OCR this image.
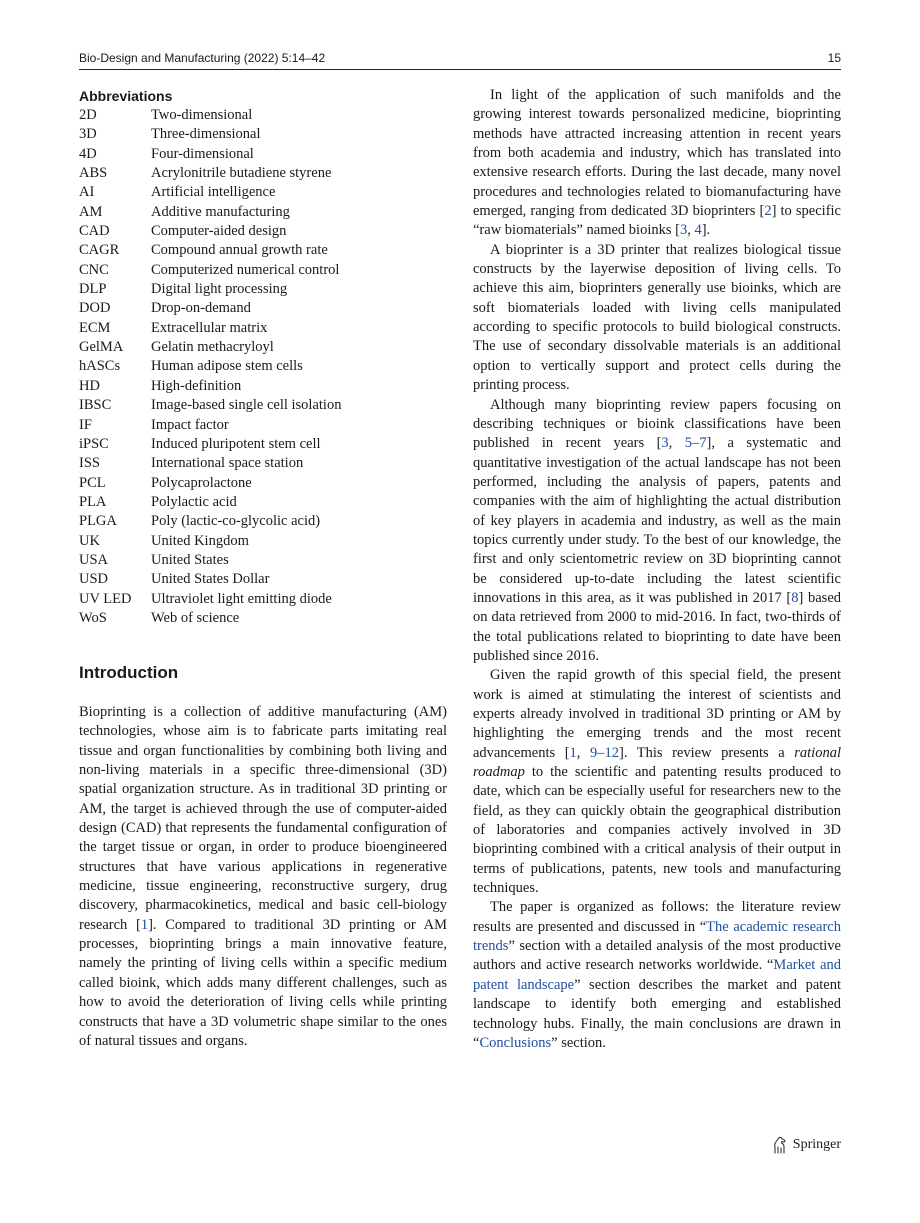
Bio-Design and Manufacturing (2022) 5:14–42	15
Abbreviations
2D	Two-dimensional
3D	Three-dimensional
4D	Four-dimensional
ABS	Acrylonitrile butadiene styrene
AI	Artificial intelligence
AM	Additive manufacturing
CAD	Computer-aided design
CAGR	Compound annual growth rate
CNC	Computerized numerical control
DLP	Digital light processing
DOD	Drop-on-demand
ECM	Extracellular matrix
GelMA	Gelatin methacryloyl
hASCs	Human adipose stem cells
HD	High-definition
IBSC	Image-based single cell isolation
IF	Impact factor
iPSC	Induced pluripotent stem cell
ISS	International space station
PCL	Polycaprolactone
PLA	Polylactic acid
PLGA	Poly (lactic-co-glycolic acid)
UK	United Kingdom
USA	United States
USD	United States Dollar
UV LED	Ultraviolet light emitting diode
WoS	Web of science
Introduction

Bioprinting is a collection of additive manufacturing (AM) technologies, whose aim is to fabricate parts imitating real tissue and organ functionalities by combining both living and non-living materials in a specific three-dimensional (3D) spatial organization structure. As in traditional 3D printing or AM, the target is achieved through the use of computer-aided design (CAD) that represents the fundamental configuration of the target tissue or organ, in order to produce bioengineered structures that have various applications in regenerative medicine, tissue engineering, reconstructive surgery, drug discovery, pharmacokinetics, medical and basic cell-biology research [1]. Compared to traditional 3D printing or AM processes, bioprinting brings a main innovative feature, namely the printing of living cells within a specific medium called bioink, which adds many different challenges, such as how to avoid the deterioration of living cells while printing constructs that have a 3D volumetric shape similar to the ones of natural tissues and organs.

In light of the application of such manifolds and the growing interest towards personalized medicine, bioprinting methods have attracted increasing attention in recent years from both academia and industry, which has translated into extensive research efforts. During the last decade, many novel procedures and technologies related to biomanufacturing have emerged, ranging from dedicated 3D bioprinters [2] to specific “raw biomaterials” named bioinks [3, 4].

A bioprinter is a 3D printer that realizes biological tissue constructs by the layerwise deposition of living cells. To achieve this aim, bioprinters generally use bioinks, which are soft biomaterials loaded with living cells manipulated according to specific protocols to build biological constructs. The use of secondary dissolvable materials is an additional option to vertically support and protect cells during the printing process.

Although many bioprinting review papers focusing on describing techniques or bioink classifications have been published in recent years [3, 5–7], a systematic and quantitative investigation of the actual landscape has not been performed, including the analysis of papers, patents and companies with the aim of highlighting the actual distribution of key players in academia and industry, as well as the main topics currently under study. To the best of our knowledge, the first and only scientometric review on 3D bioprinting cannot be considered up-to-date including the latest scientific innovations in this area, as it was published in 2017 [8] based on data retrieved from 2000 to mid-2016. In fact, two-thirds of the total publications related to bioprinting to date have been published since 2016.

Given the rapid growth of this special field, the present work is aimed at stimulating the interest of scientists and experts already involved in traditional 3D printing or AM by highlighting the emerging trends and the most recent advancements [1, 9–12]. This review presents a rational roadmap to the scientific and patenting results produced to date, which can be especially useful for researchers new to the field, as they can quickly obtain the geographical distribution of laboratories and companies actively involved in 3D bioprinting combined with a critical analysis of their output in terms of publications, patents, new tools and manufacturing techniques.

The paper is organized as follows: the literature review results are presented and discussed in “The academic research trends” section with a detailed analysis of the most productive authors and active research networks worldwide. “Market and patent landscape” section describes the market and patent landscape to identify both emerging and established technology hubs. Finally, the main conclusions are drawn in “Conclusions” section.

Springer
